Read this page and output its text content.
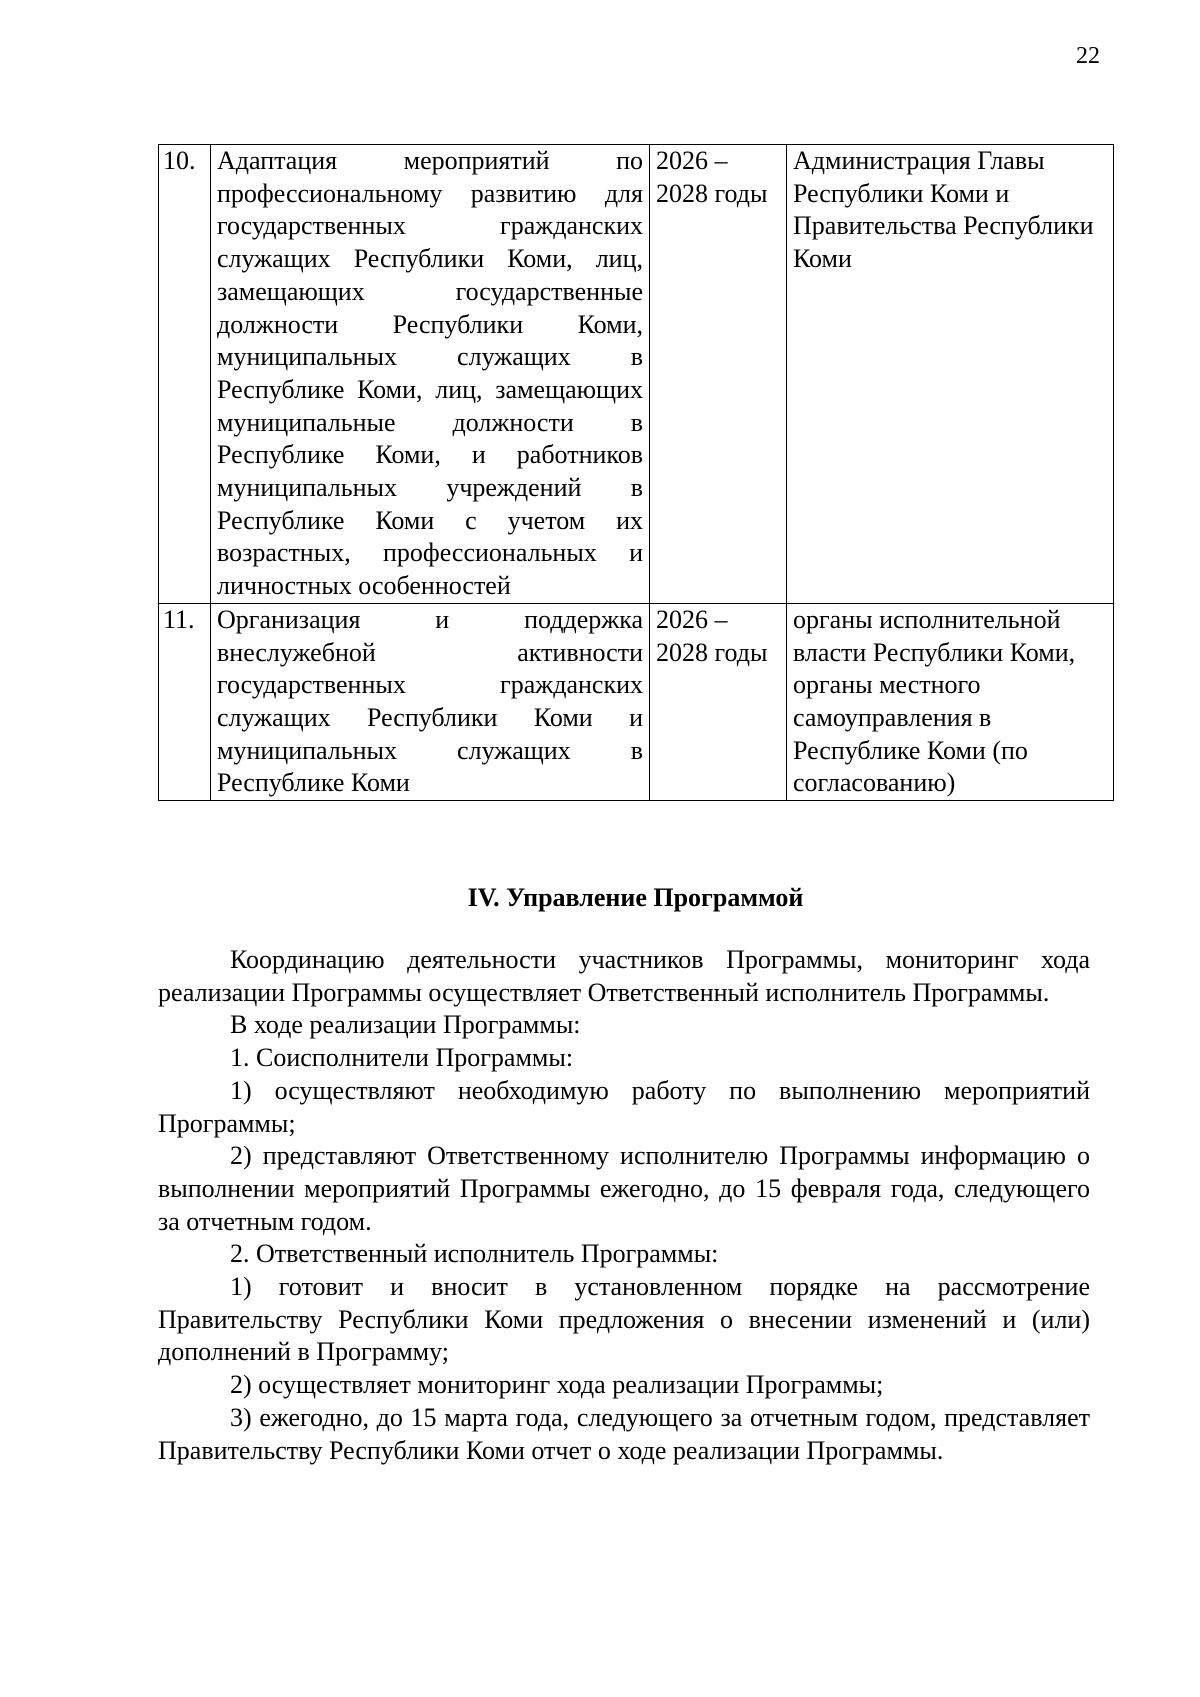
22
10.	Адаптация мероприятий по профессиональному развитию для государственных гражданских служащих Республики Коми, лиц, замещающих государственные должности Республики Коми, муниципальных служащих в Республике Коми, лиц, замещающих муниципальные должности в Республике Коми, и работников муниципальных учреждений в Республике Коми с учетом их возрастных, профессиональных и личностных особенностей	2026 – 2028 годы	Администрация Главы Республики Коми и Правительства Республики Коми
11.	Организация и поддержка внеслужебной активности государственных гражданских служащих Республики Коми и муниципальных служащих в Республике Коми	2026 – 2028 годы	органы исполнительной власти Республики Коми, органы местного самоуправления в Республике Коми (по согласованию)
IV. Управление Программой

Координацию деятельности участников Программы, мониторинг хода реализации Программы осуществляет Ответственный исполнитель Программы.

В ходе реализации Программы:

1. Соисполнители Программы:

1) осуществляют необходимую работу по выполнению мероприятий Программы;

2) представляют Ответственному исполнителю Программы информацию о выполнении мероприятий Программы ежегодно, до 15 февраля года, следующего за отчетным годом.

2. Ответственный исполнитель Программы:

1) готовит и вносит в установленном порядке на рассмотрение Правительству Республики Коми предложения о внесении изменений и (или) дополнений в Программу;

2) осуществляет мониторинг хода реализации Программы;

3) ежегодно, до 15 марта года, следующего за отчетным годом, представляет Правительству Республики Коми отчет о ходе реализации Программы.
